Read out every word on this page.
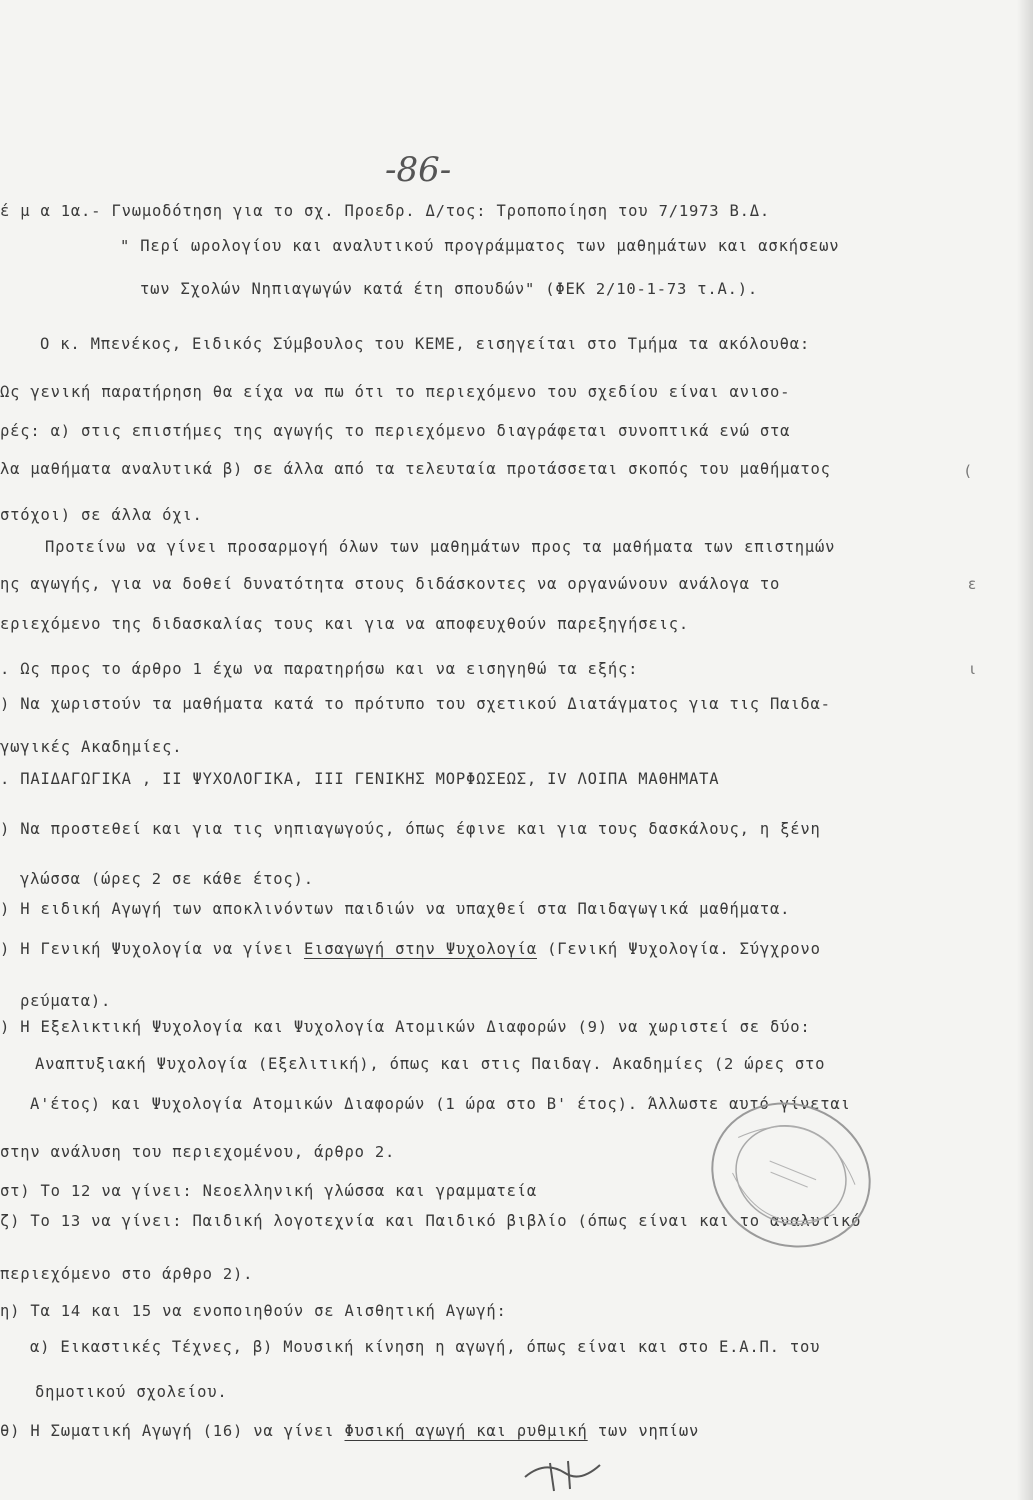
-86-
έ μ α 1α.- Γνωμοδότηση για το σχ. Προεδρ. Δ/τος: Τροποποίηση του 7/1973 Β.Δ.
" Περί ωρολογίου και αναλυτικού προγράμματος των μαθημάτων και ασκήσεων
των Σχολών Νηπιαγωγών κατά έτη σπουδών" (ΦΕΚ 2/10-1-73 τ.Α.).
Ο κ. Μπενέκος, Ειδικός Σύμβουλος του ΚΕΜΕ, εισηγείται στο Τμήμα τα ακόλουθα:
Ως γενική παρατήρηση θα είχα να πω ότι το περιεχόμενο του σχεδίου είναι ανισο-
ρές: α) στις επιστήμες της αγωγής το περιεχόμενο διαγράφεται συνοπτικά ενώ στα
λα μαθήματα αναλυτικά β) σε άλλα από τα τελευταία προτάσσεται σκοπός του μαθήματος
στόχοι) σε άλλα όχι.
Προτείνω να γίνει προσαρμογή όλων των μαθημάτων προς τα μαθήματα των επιστημών
ης αγωγής, για να δοθεί δυνατότητα στους διδάσκοντες να οργανώνουν ανάλογα το
εριεχόμενο της διδασκαλίας τους και για να αποφευχθούν παρεξηγήσεις.
. Ως προς το άρθρο 1 έχω να παρατηρήσω και να εισηγηθώ τα εξής:
) Να χωριστούν τα μαθήματα κατά το πρότυπο του σχετικού Διατάγματος για τις Παιδα-
γωγικές Ακαδημίες.
. ΠΑΙΔΑΓΩΓΙΚΑ , ΙΙ ΨΥΧΟΛΟΓΙΚΑ, ΙΙΙ ΓΕΝΙΚΗΣ ΜΟΡΦΩΣΕΩΣ, ΙV ΛΟΙΠΑ ΜΑΘΗΜΑΤΑ
) Να προστεθεί και για τις νηπιαγωγούς, όπως έφινε και για τους δασκάλους, η ξένη
γλώσσα (ώρες 2 σε κάθε έτος).
) Η ειδική Αγωγή των αποκλινόντων παιδιών να υπαχθεί στα Παιδαγωγικά μαθήματα.
) Η Γενική Ψυχολογία να γίνει Εισαγωγή στην Ψυχολογία (Γενική Ψυχολογία. Σύγχρονο
ρεύματα).
) Η Εξελικτική Ψυχολογία και Ψυχολογία Ατομικών Διαφορών (9) να χωριστεί σε δύο:
Αναπτυξιακή Ψυχολογία (Εξελιτική), όπως και στις Παιδαγ. Ακαδημίες (2 ώρες στο
Α'έτος) και Ψυχολογία Ατομικών Διαφορών (1 ώρα στο Β' έτος). Άλλωστε αυτό γίνεται
στην ανάλυση του περιεχομένου, άρθρο 2.
στ) Το 12 να γίνει: Νεοελληνική γλώσσα και γραμματεία
ζ) Το 13 να γίνει: Παιδική λογοτεχνία και Παιδικό βιβλίο (όπως είναι και το αναλυτικό
περιεχόμενο στο άρθρο 2).
η) Τα 14 και 15 να ενοποιηθούν σε Αισθητική Αγωγή:
α) Εικαστικές Τέχνες, β) Μουσική κίνηση η αγωγή, όπως είναι και στο Ε.Α.Π. του
δημοτικού σχολείου.
θ) Η Σωματική Αγωγή (16) να γίνει Φυσική αγωγή και ρυθμική των νηπίων
(
ε
ι
